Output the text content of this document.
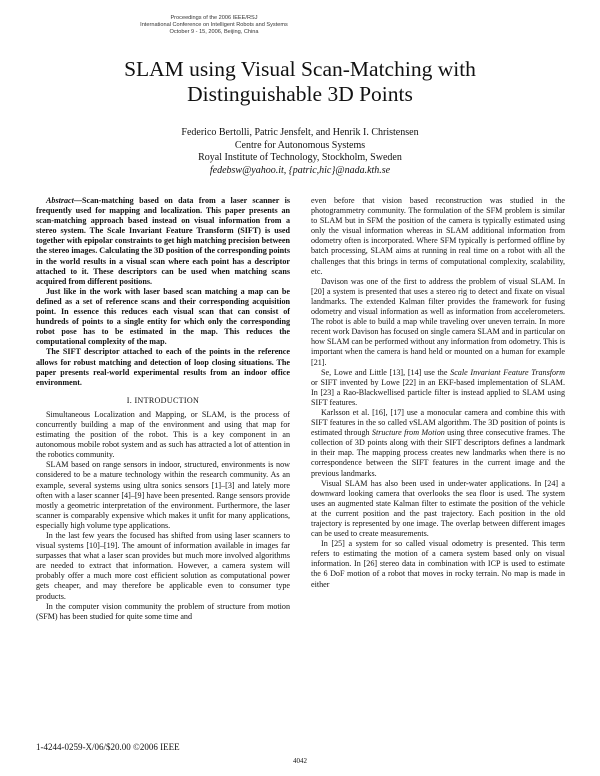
Proceedings of the 2006 IEEE/RSJ
International Conference on Intelligent Robots and Systems
October 9 - 15, 2006, Beijing, China
SLAM using Visual Scan-Matching with
Distinguishable 3D Points
Federico Bertolli, Patric Jensfelt, and Henrik I. Christensen
Centre for Autonomous Systems
Royal Institute of Technology, Stockholm, Sweden
fedebsw@yahoo.it, {patric,hic}@nada.kth.se

Abstract—Scan-matching based on data from a laser scanner is frequently used for mapping and localization. This paper presents an scan-matching approach based instead on visual information from a stereo system. The Scale Invariant Feature Transform (SIFT) is used together with epipolar constraints to get high matching precision between the stereo images. Calculating the 3D position of the corresponding points in the world results in a visual scan where each point has a descriptor attached to it. These descriptors can be used when matching scans acquired from different positions.

Just like in the work with laser based scan matching a map can be defined as a set of reference scans and their corresponding acquisition point. In essence this reduces each visual scan that can consist of hundreds of points to a single entity for which only the corresponding robot pose has to be estimated in the map. This reduces the computational complexity of the map.

The SIFT descriptor attached to each of the points in the reference allows for robust matching and detection of loop closing situations. The paper presents real-world experimental results from an indoor office environment.

I. INTRODUCTION

Simultaneous Localization and Mapping, or SLAM, is the process of concurrently building a map of the environment and using that map for estimating the position of the robot. This is a key component in an autonomous mobile robot system and as such has attracted a lot of attention in the robotics community.

SLAM based on range sensors in indoor, structured, environments is now considered to be a mature technology within the research community. As an example, several systems using ultra sonics sensors [1]–[3] and lately more often with a laser scanner [4]–[9] have been presented. Range sensors provide mostly a geometric interpretation of the environment. Furthermore, the laser scanner is comparably expensive which makes it unfit for many applications, especially high volume type applications.

In the last few years the focused has shifted from using laser scanners to visual systems [10]–[19]. The amount of information available in images far surpasses that what a laser scan provides but much more involved algorithms are needed to extract that information. However, a camera system will probably offer a much more cost efficient solution as computational power gets cheaper, and may therefore be applicable even to consumer type products.

In the computer vision community the problem of structure from motion (SFM) has been studied for quite some time and

even before that vision based reconstruction was studied in the photogrammetry community. The formulation of the SFM problem is similar to SLAM but in SFM the position of the camera is typically estimated using only the visual information whereas in SLAM additional information from odometry often is incorporated. Where SFM typically is performed offline by batch processing, SLAM aims at running in real time on a robot with all the challenges that this brings in terms of computational complexity, scalability, etc.

Davison was one of the first to address the problem of visual SLAM. In [20] a system is presented that uses a stereo rig to detect and fixate on visual landmarks. The extended Kalman filter provides the framework for fusing odometry and visual information as well as information from accelerometers. The robot is able to build a map while traveling over uneven terrain. In more recent work Davison has focused on single camera SLAM and in particular on how SLAM can be performed without any information from odometry. This is important when the camera is hand held or mounted on a human for example [21].

Se, Lowe and Little [13], [14] use the Scale Invariant Feature Transform or SIFT invented by Lowe [22] in an EKF-based implementation of SLAM. In [23] a Rao-Blackwellised particle filter is instead applied to SLAM using SIFT features.

Karlsson et al. [16], [17] use a monocular camera and combine this with SIFT features in the so called vSLAM algorithm. The 3D position of points is estimated through Structure from Motion using three consecutive frames. The collection of 3D points along with their SIFT descriptors defines a landmark in their map. The mapping process creates new landmarks when there is no correspondence between the SIFT features in the current image and the previous landmarks.

Visual SLAM has also been used in under-water applications. In [24] a downward looking camera that overlooks the sea floor is used. The system uses an augmented state Kalman filter to estimate the position of the vehicle at the current position and the past trajectory. Each position in the old trajectory is represented by one image. The overlap between different images can be used to create measurements.

In [25] a system for so called visual odometry is presented. This term refers to estimating the motion of a camera system based only on visual information. In [26] stereo data in combination with ICP is used to estimate the 6 DoF motion of a robot that moves in rocky terrain. No map is made in either

1-4244-0259-X/06/$20.00 ©2006 IEEE
4042
